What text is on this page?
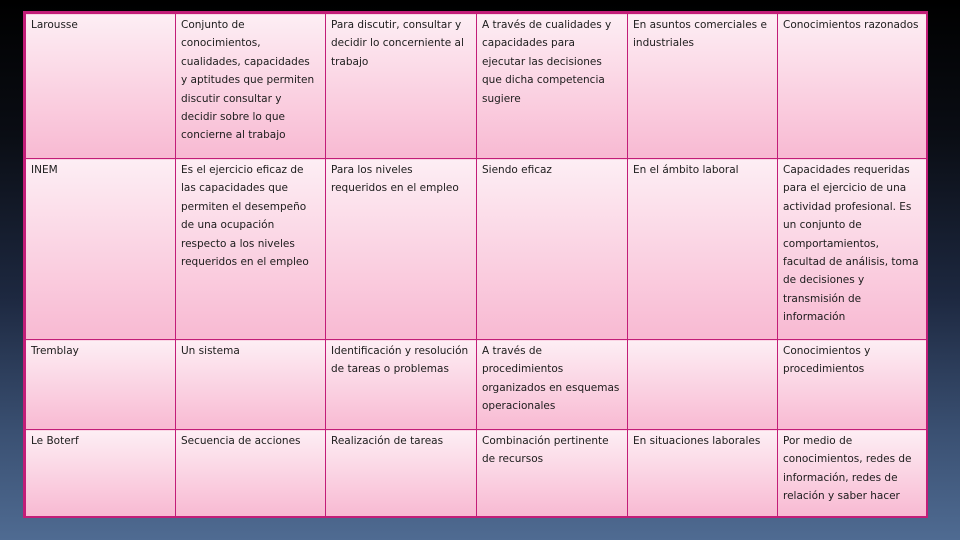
Larousse	Conjunto de conocimientos, cualidades, capacidades y aptitudes que permiten discutir consultar y decidir sobre lo que concierne al trabajo	Para discutir, consultar y decidir lo concerniente al trabajo	A través de cualidades y capacidades para ejecutar las decisiones que dicha competencia sugiere	En asuntos comerciales e industriales	Conocimientos razonados
INEM	Es el ejercicio eficaz de las capacidades que permiten el desempeño de una ocupación respecto a los niveles requeridos en el empleo	Para los niveles requeridos en el empleo	Siendo eficaz	En el ámbito laboral	Capacidades requeridas para el ejercicio de una actividad profesional. Es un conjunto de comportamientos, facultad de análisis, toma de decisiones y transmisión de información
Tremblay	Un sistema	Identificación y resolución de tareas o problemas	A través de procedimientos organizados en esquemas operacionales		Conocimientos y procedimientos
Le Boterf	Secuencia de acciones	Realización de tareas	Combinación pertinente de recursos	En situaciones laborales	Por medio de conocimientos, redes de información, redes de relación y saber hacer
